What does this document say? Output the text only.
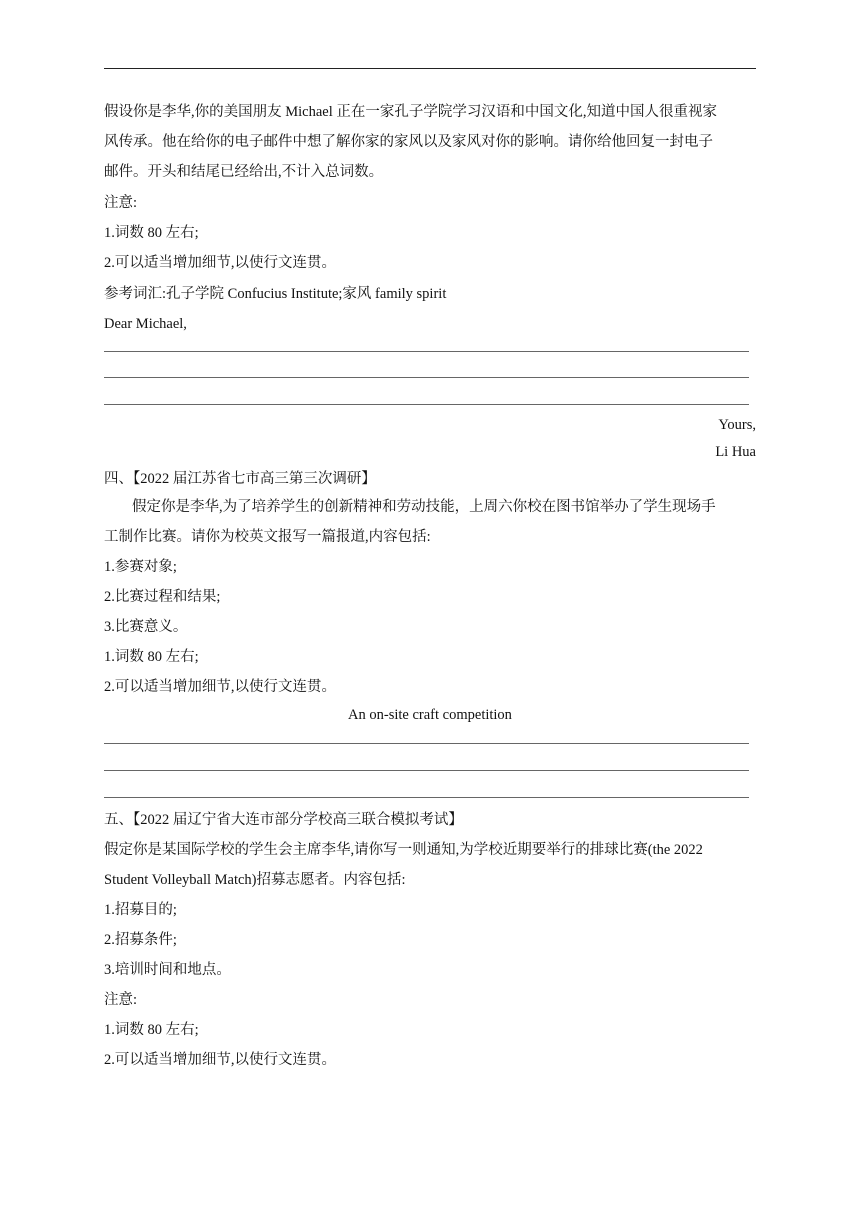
假设你是李华,你的美国朋友 Michael 正在一家孔子学院学习汉语和中国文化,知道中国人很重视家
风传承。他在给你的电子邮件中想了解你家的家风以及家风对你的影响。请你给他回复一封电子
邮件。开头和结尾已经给出,不计入总词数。
注意:
1.词数 80 左右;
2.可以适当增加细节,以使行文连贯。
参考词汇:孔子学院 Confucius Institute;家风 family spirit
Dear Michael,
Yours,
Li Hua
四、【2022 届江苏省七市高三第三次调研】
假定你是李华,为了培养学生的创新精神和劳动技能，上周六你校在图书馆举办了学生现场手
工制作比赛。请你为校英文报写一篇报道,内容包括:
1.参赛对象;
2.比赛过程和结果;
3.比赛意义。
1.词数 80 左右;
2.可以适当增加细节,以使行文连贯。
An on-site craft competition
五、【2022 届辽宁省大连市部分学校高三联合模拟考试】
假定你是某国际学校的学生会主席李华,请你写一则通知,为学校近期要举行的排球比赛(the 2022
Student Volleyball Match)招募志愿者。内容包括:
1.招募目的;
2.招募条件;
3.培训时间和地点。
注意:
1.词数 80 左右;
2.可以适当增加细节,以使行文连贯。
